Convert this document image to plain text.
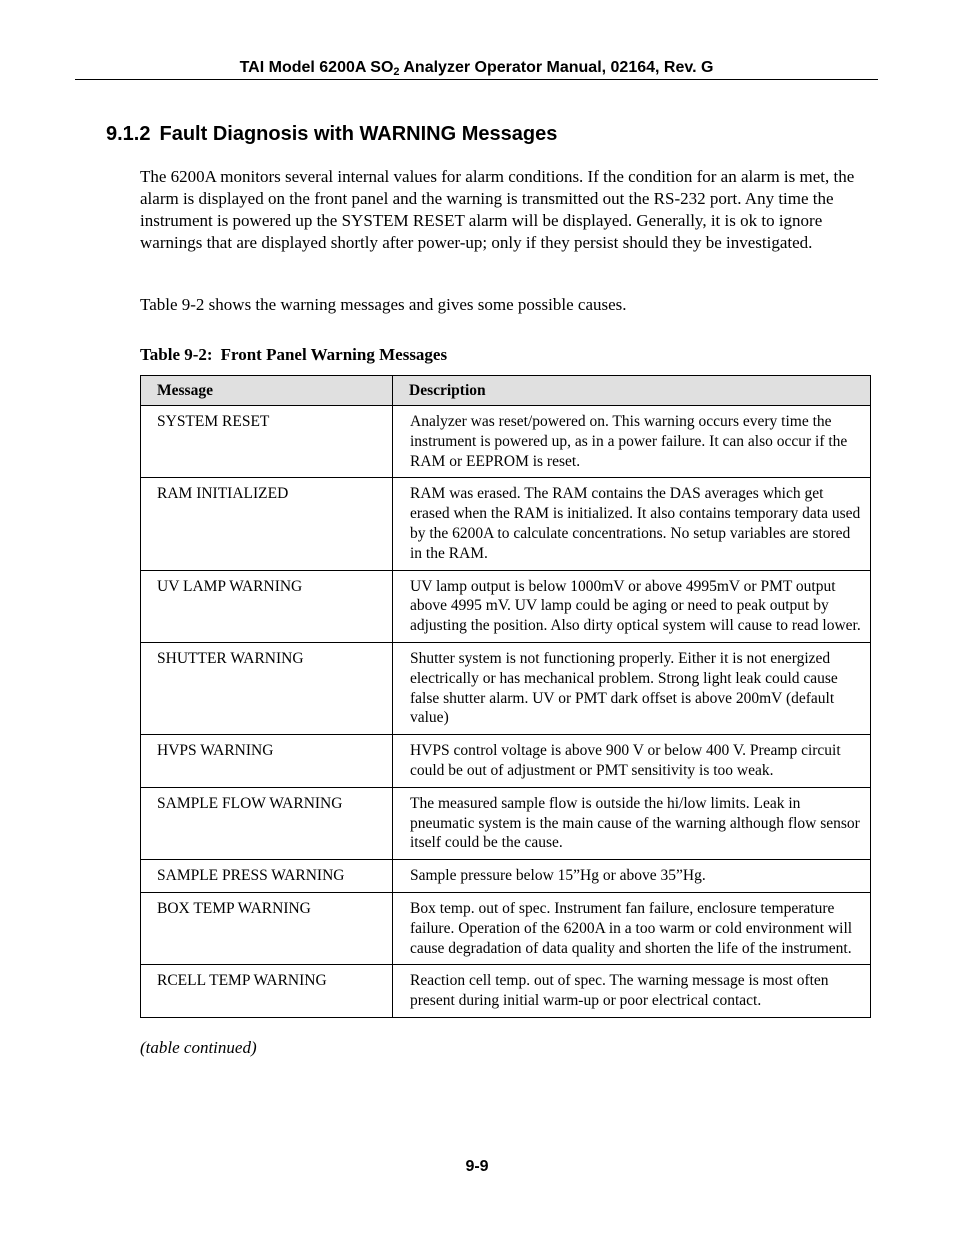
TAI Model 6200A $SO_2$ Analyzer Operator Manual, 02164, Rev. G
9.1.2 Fault Diagnosis with WARNING Messages
The 6200A monitors several internal values for alarm conditions. If the condition for an alarm is met, the alarm is displayed on the front panel and the warning is transmitted out the RS-232 port. Any time the instrument is powered up the SYSTEM RESET alarm will be displayed. Generally, it is ok to ignore warnings that are displayed shortly after power-up; only if they persist should they be investigated.
Table 9-2 shows the warning messages and gives some possible causes.
Table 9-2: Front Panel Warning Messages
Message	Description
SYSTEM RESET	Analyzer was reset/powered on. This warning occurs every time the instrument is powered up, as in a power failure. It can also occur if the RAM or EEPROM is reset.
RAM INITIALIZED	RAM was erased. The RAM contains the DAS averages which get erased when the RAM is initialized. It also contains temporary data used by the 6200A to calculate concentrations. No setup variables are stored in the RAM.
UV LAMP WARNING	UV lamp output is below 1000mV or above 4995mV or PMT output above 4995 mV. UV lamp could be aging or need to peak output by adjusting the position. Also dirty optical system will cause to read lower.
SHUTTER WARNING	Shutter system is not functioning properly. Either it is not energized electrically or has mechanical problem. Strong light leak could cause false shutter alarm. UV or PMT dark offset is above 200mV (default value)
HVPS WARNING	HVPS control voltage is above 900 V or below 400 V. Preamp circuit could be out of adjustment or PMT sensitivity is too weak.
SAMPLE FLOW WARNING	The measured sample flow is outside the hi/low limits. Leak in pneumatic system is the main cause of the warning although flow sensor itself could be the cause.
SAMPLE PRESS WARNING	Sample pressure below 15”Hg or above 35”Hg.
BOX TEMP WARNING	Box temp. out of spec. Instrument fan failure, enclosure temperature failure. Operation of the 6200A in a too warm or cold environment will cause degradation of data quality and shorten the life of the instrument.
RCELL TEMP WARNING	Reaction cell temp. out of spec. The warning message is most often present during initial warm-up or poor electrical contact.
(table continued)
9-9
